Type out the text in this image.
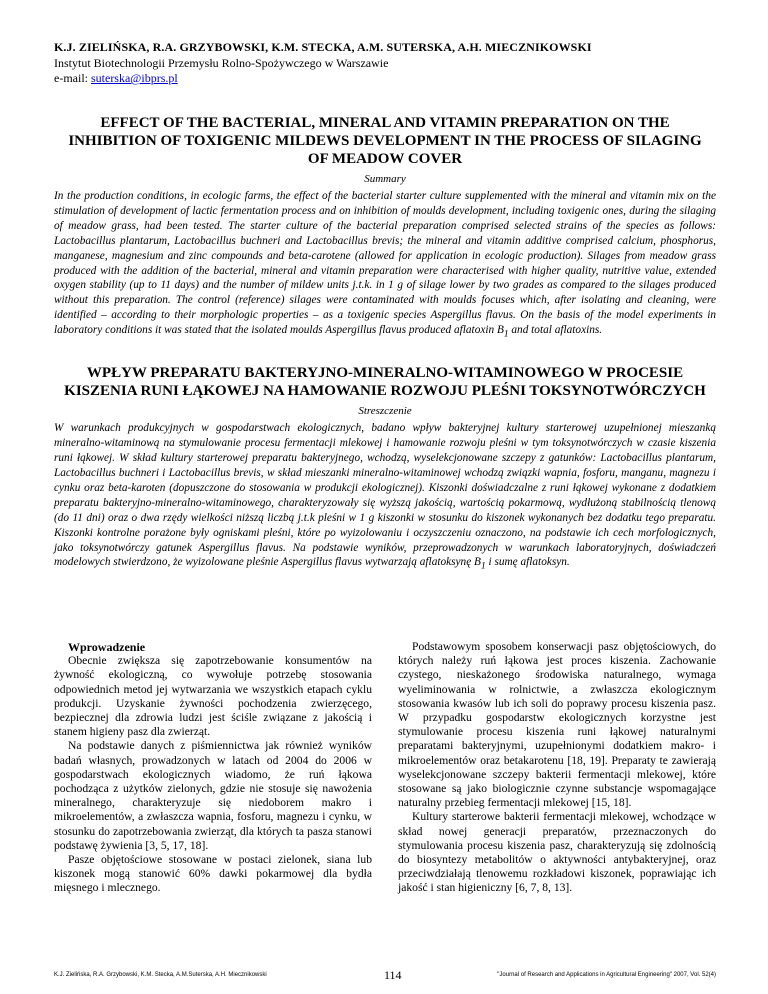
K.J. ZIELIŃSKA, R.A. GRZYBOWSKI, K.M. STECKA, A.M. SUTERSKA, A.H. MIECZNIKOWSKI
Instytut Biotechnologii Przemysłu Rolno-Spożywczego w Warszawie
e-mail: suterska@ibprs.pl
EFFECT OF THE BACTERIAL, MINERAL AND VITAMIN PREPARATION ON THE INHIBITION OF TOXIGENIC MILDEWS DEVELOPMENT IN THE PROCESS OF SILAGING OF MEADOW COVER
Summary
In the production conditions, in ecologic farms, the effect of the bacterial starter culture supplemented with the mineral and vitamin mix on the stimulation of development of lactic fermentation process and on inhibition of moulds development, including toxigenic ones, during the silaging of meadow grass, had been tested. The starter culture of the bacterial preparation comprised selected strains of the species as follows: Lactobacillus plantarum, Lactobacillus buchneri and Lactobacillus brevis; the mineral and vitamin additive comprised calcium, phosphorus, manganese, magnesium and zinc compounds and beta-carotene (allowed for application in ecologic production). Silages from meadow grass produced with the addition of the bacterial, mineral and vitamin preparation were characterised with higher quality, nutritive value, extended oxygen stability (up to 11 days) and the number of mildew units j.t.k. in 1 g of silage lower by two grades as compared to the silages produced without this preparation. The control (reference) silages were contaminated with moulds focuses which, after isolating and cleaning, were identified – according to their morphologic properties – as a toxigenic species Aspergillus flavus. On the basis of the model experiments in laboratory conditions it was stated that the isolated moulds Aspergillus flavus produced aflatoxin $B_1$ and total aflatoxins.
WPŁYW PREPARATU BAKTERYJNO-MINERALNO-WITAMINOWEGO W PROCESIE KISZENIA RUNI ŁĄKOWEJ NA HAMOWANIE ROZWOJU PLEŚNI TOKSYNOTWÓRCZYCH
Streszczenie
W warunkach produkcyjnych w gospodarstwach ekologicznych, badano wpływ bakteryjnej kultury starterowej uzupełnionej mieszanką mineralno-witaminową na stymulowanie procesu fermentacji mlekowej i hamowanie rozwoju pleśni w tym toksynotwórczych w czasie kiszenia runi łąkowej. W skład kultury starterowej preparatu bakteryjnego, wchodzą, wyselekcjonowane szczepy z gatunków: Lactobacillus plantarum, Lactobacillus buchneri i Lactobacillus brevis, w skład mieszanki mineralno-witaminowej wchodzą związki wapnia, fosforu, manganu, magnezu i cynku oraz beta-karoten (dopuszczone do stosowania w produkcji ekologicznej). Kiszonki doświadczalne z runi łąkowej wykonane z dodatkiem preparatu bakteryjno-mineralno-witaminowego, charakteryzowały się wyższą jakością, wartością pokarmową, wydłużoną stabilnością tlenową (do 11 dni) oraz o dwa rzędy wielkości niższą liczbą j.t.k pleśni w 1 g kiszonki w stosunku do kiszonek wykonanych bez dodatku tego preparatu. Kiszonki kontrolne porażone były ogniskami pleśni, które po wyizolowaniu i oczyszczeniu oznaczono, na podstawie ich cech morfologicznych, jako toksynotwórczy gatunek Aspergillus flavus. Na podstawie wyników, przeprowadzonych w warunkach laboratoryjnych, doświadczeń modelowych stwierdzono, że wyizolowane pleśnie Aspergillus flavus wytwarzają aflatoksynę $B_1$ i sumę aflatoksyn.

Wprowadzenie

Obecnie zwiększa się zapotrzebowanie konsumentów na żywność ekologiczną, co wywołuje potrzebę stosowania odpowiednich metod jej wytwarzania we wszystkich etapach cyklu produkcji. Uzyskanie żywności pochodzenia zwierzęcego, bezpiecznej dla zdrowia ludzi jest ściśle związane z jakością i stanem higieny pasz dla zwierząt.

Na podstawie danych z piśmiennictwa jak również wyników badań własnych, prowadzonych w latach od 2004 do 2006 w gospodarstwach ekologicznych wiadomo, że ruń łąkowa pochodząca z użytków zielonych, gdzie nie stosuje się nawożenia mineralnego, charakteryzuje się niedoborem makro i mikroelementów, a zwłaszcza wapnia, fosforu, magnezu i cynku, w stosunku do zapotrzebowania zwierząt, dla których ta pasza stanowi podstawę żywienia [3, 5, 17, 18].

Pasze objętościowe stosowane w postaci zielonek, siana lub kiszonek mogą stanowić 60% dawki pokarmowej dla bydła mięsnego i mlecznego.

Podstawowym sposobem konserwacji pasz objętościowych, do których należy ruń łąkowa jest proces kiszenia. Zachowanie czystego, nieskażonego środowiska naturalnego, wymaga wyeliminowania w rolnictwie, a zwłaszcza ekologicznym stosowania kwasów lub ich soli do poprawy procesu kiszenia pasz. W przypadku gospodarstw ekologicznych korzystne jest stymulowanie procesu kiszenia runi łąkowej naturalnymi preparatami bakteryjnymi, uzupełnionymi dodatkiem makro- i mikroelementów oraz betakarotenu [18, 19]. Preparaty te zawierają wyselekcjonowane szczepy bakterii fermentacji mlekowej, które stosowane są jako biologicznie czynne substancje wspomagające naturalny przebieg fermentacji mlekowej [15, 18].

Kultury starterowe bakterii fermentacji mlekowej, wchodzące w skład nowej generacji preparatów, przeznaczonych do stymulowania procesu kiszenia pasz, charakteryzują się zdolnością do biosyntezy metabolitów o aktywności antybakteryjnej, oraz przeciwdziałają tlenowemu rozkładowi kiszonek, poprawiając ich jakość i stan higieniczny [6, 7, 8, 13].

K.J. Zielińska, R.A. Grzybowski, K.M. Stecka, A.M.Suterska, A.H. Miecznikowski	114	"Journal of Research and Applications in Agricultural Engineering" 2007, Vol. 52(4)
